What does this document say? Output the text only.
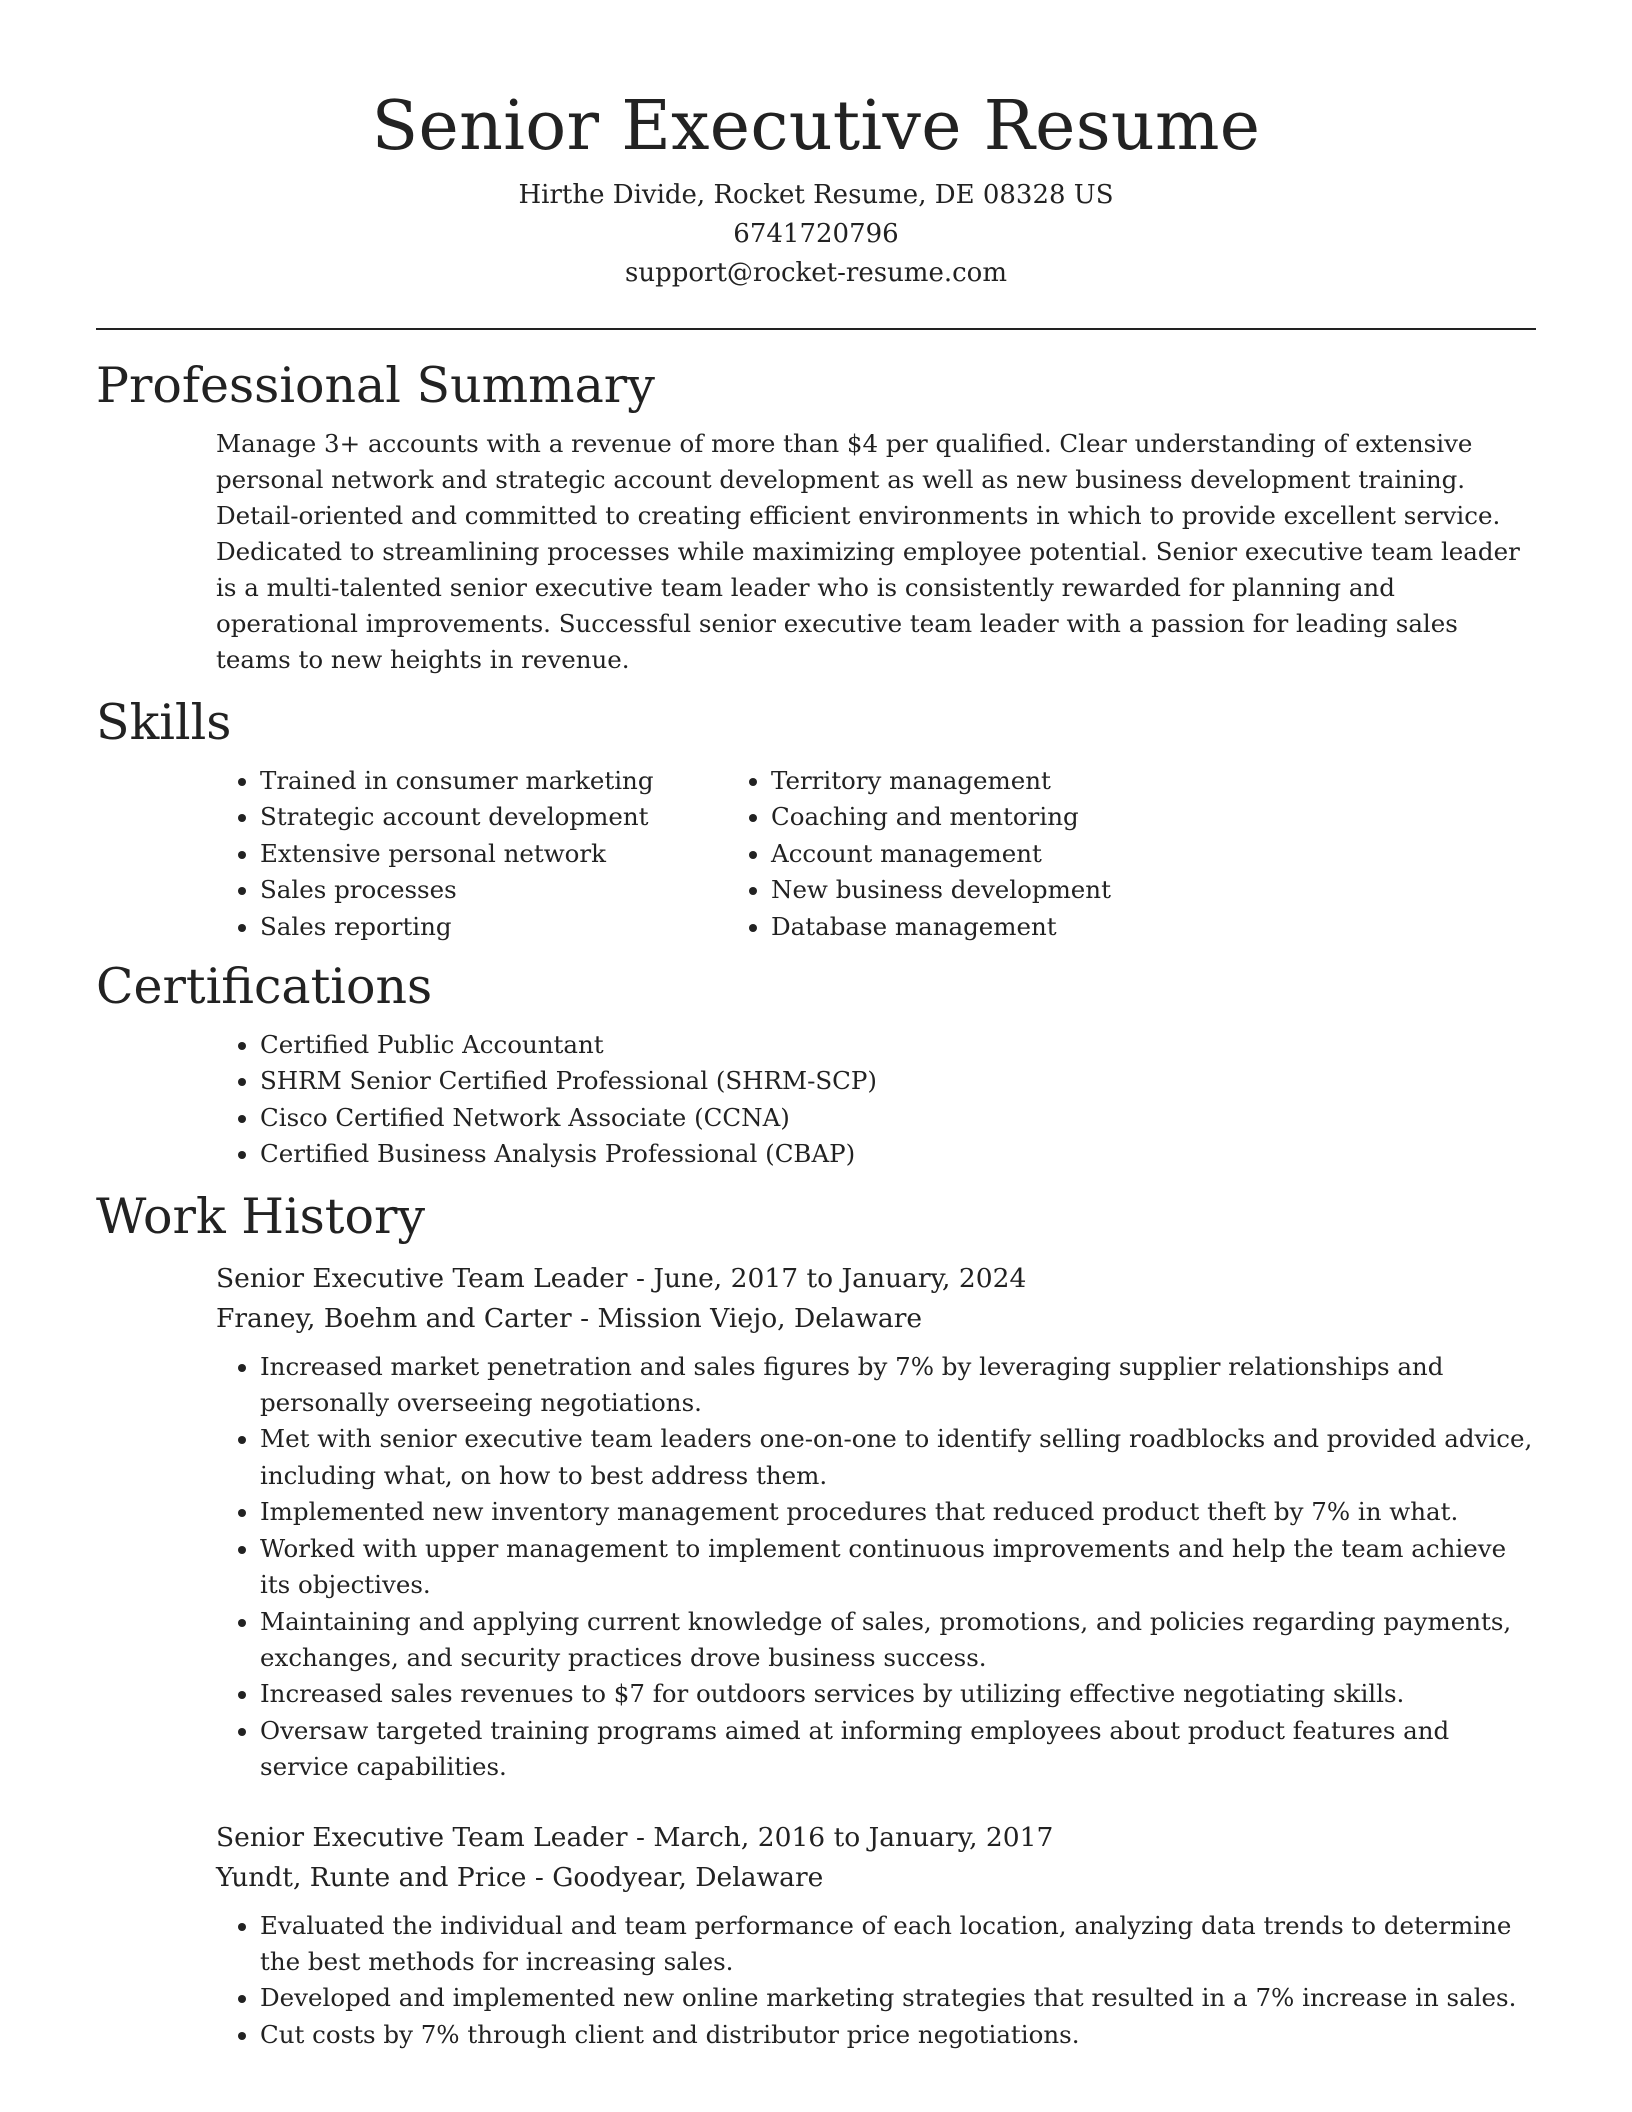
Senior Executive Resume

Hirthe Divide, Rocket Resume, DE 08328 US

6741720796

support@rocket-resume.com

Professional Summary

Manage 3+ accounts with a revenue of more than $4 per qualified. Clear understanding of extensive personal network and strategic account development as well as new business development training. Detail-oriented and committed to creating efficient environments in which to provide excellent service. Dedicated to streamlining processes while maximizing employee potential. Senior executive team leader is a multi-talented senior executive team leader who is consistently rewarded for planning and operational improvements. Successful senior executive team leader with a passion for leading sales teams to new heights in revenue.

Skills
• Trained in consumer marketing
• Strategic account development
• Extensive personal network
• Sales processes
• Sales reporting
• Territory management
• Coaching and mentoring
• Account management
• New business development
• Database management
Certifications
• Certified Public Accountant
• SHRM Senior Certified Professional (SHRM-SCP)
• Cisco Certified Network Associate (CCNA)
• Certified Business Analysis Professional (CBAP)
Work History

Senior Executive Team Leader - June, 2017 to January, 2024

Franey, Boehm and Carter - Mission Viejo, Delaware

• Increased market penetration and sales figures by 7% by leveraging supplier relationships and personally overseeing negotiations.
• Met with senior executive team leaders one-on-one to identify selling roadblocks and provided advice, including what, on how to best address them.
• Implemented new inventory management procedures that reduced product theft by 7% in what.
• Worked with upper management to implement continuous improvements and help the team achieve its objectives.
• Maintaining and applying current knowledge of sales, promotions, and policies regarding payments, exchanges, and security practices drove business success.
• Increased sales revenues to $7 for outdoors services by utilizing effective negotiating skills.
• Oversaw targeted training programs aimed at informing employees about product features and service capabilities.

Senior Executive Team Leader - March, 2016 to January, 2017

Yundt, Runte and Price - Goodyear, Delaware

• Evaluated the individual and team performance of each location, analyzing data trends to determine the best methods for increasing sales.
• Developed and implemented new online marketing strategies that resulted in a 7% increase in sales.
• Cut costs by 7% through client and distributor price negotiations.
